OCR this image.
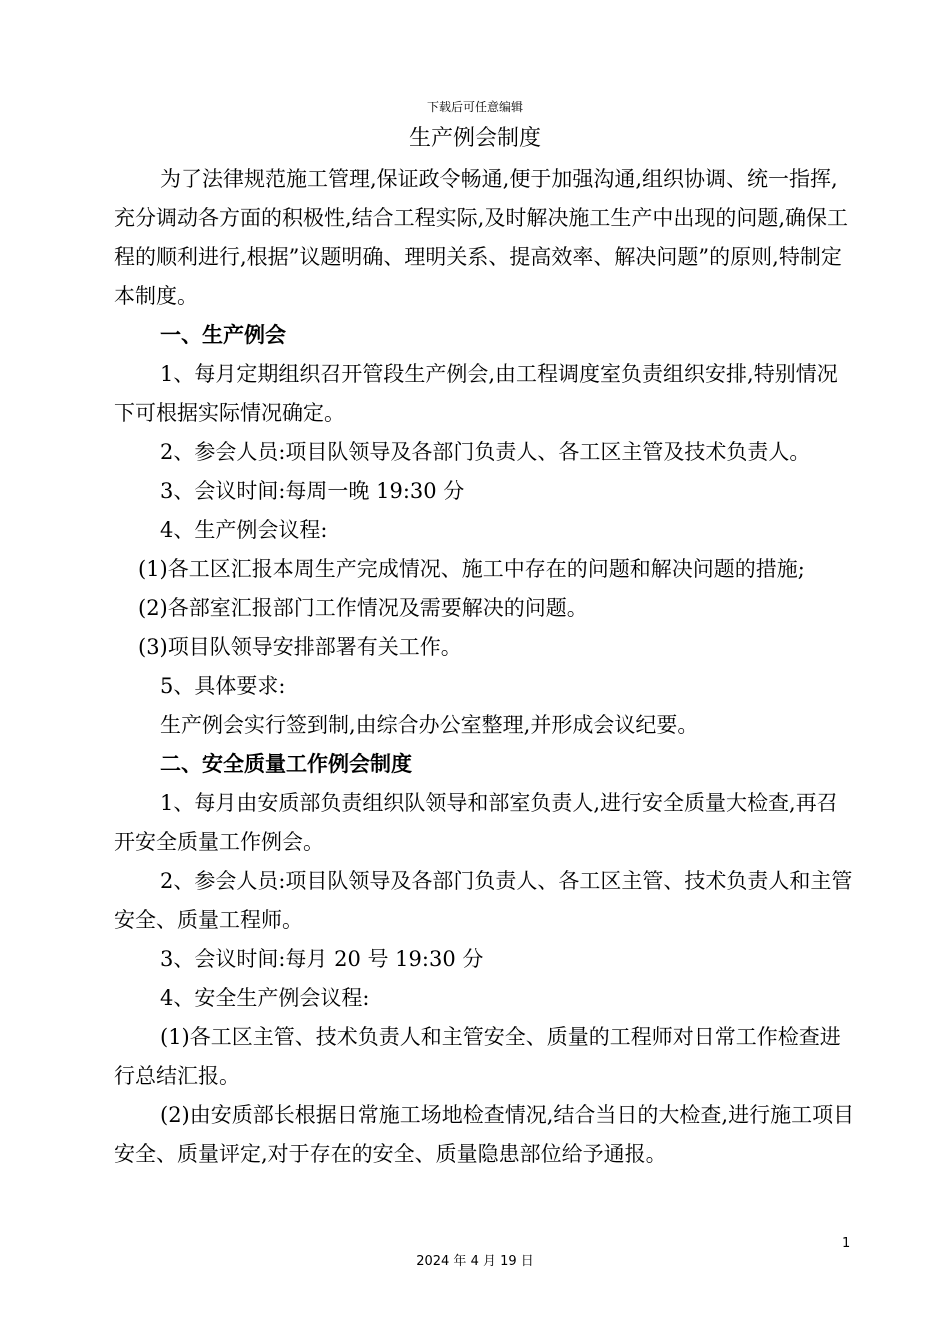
下载后可任意编辑
生产例会制度

为了法律规范施工管理,保证政令畅通,便于加强沟通,组织协调、统一指挥,充分调动各方面的积极性,结合工程实际,及时解决施工生产中出现的问题,确保工程的顺利进行,根据”议题明确、理明关系、提高效率、解决问题”的原则,特制定本制度。

一、生产例会

1、每月定期组织召开管段生产例会,由工程调度室负责组织安排,特别情况下可根据实际情况确定。

2、参会人员:项目队领导及各部门负责人、各工区主管及技术负责人。

3、会议时间:每周一晚 19:30 分

4、生产例会议程:

(1)各工区汇报本周生产完成情况、施工中存在的问题和解决问题的措施;

(2)各部室汇报部门工作情况及需要解决的问题。

(3)项目队领导安排部署有关工作。

5、具体要求:

生产例会实行签到制,由综合办公室整理,并形成会议纪要。

二、安全质量工作例会制度

1、每月由安质部负责组织队领导和部室负责人,进行安全质量大检查,再召开安全质量工作例会。

2、参会人员:项目队领导及各部门负责人、各工区主管、技术负责人和主管安全、质量工程师。

3、会议时间:每月 20 号 19:30 分

4、安全生产例会议程:

(1)各工区主管、技术负责人和主管安全、质量的工程师对日常工作检查进行总结汇报。

(2)由安质部长根据日常施工场地检查情况,结合当日的大检查,进行施工项目安全、质量评定,对于存在的安全、质量隐患部位给予通报。

1
2024 年 4 月 19 日
